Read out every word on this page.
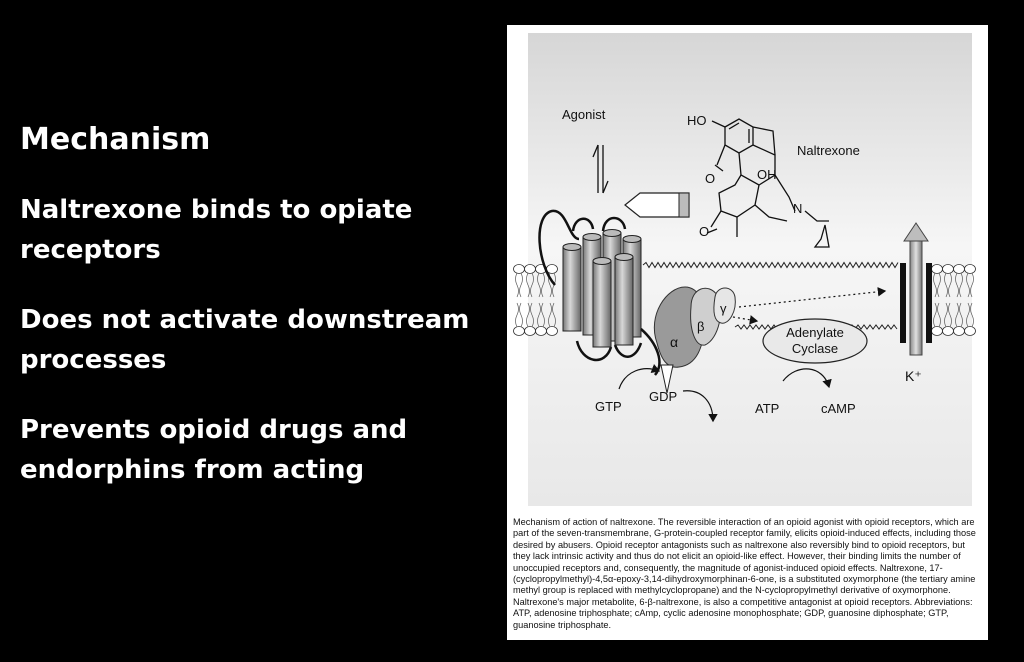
Mechanism

Naltrexone binds to opiate receptors

Does not activate downstream processes

Prevents opioid drugs and endorphins from acting

Agonist	HO
OH
O
O
N
Naltrexone
α
β
γ
Adenylate
Cyclase
K⁺
GTP
GDP
ATP	cAMP
Mechanism of action of naltrexone. The reversible interaction of an opioid agonist with opioid receptors, which are part of the seven-transmembrane, G-protein-coupled receptor family, elicits opioid-induced effects, including those desired by abusers. Opioid receptor antagonists such as naltrexone also reversibly bind to opioid receptors, but they lack intrinsic activity and thus do not elicit an opioid-like effect. However, their binding limits the number of unoccupied receptors and, consequently, the magnitude of agonist-induced opioid effects. Naltrexone, 17-(cyclopropylmethyl)-4,5α-epoxy-3,14-dihydroxymorphinan-6-one, is a substituted oxymorphone (the tertiary amine methyl group is replaced with methylcyclopropane) and the N-cyclopropylmethyl derivative of oxymorphone. Naltrexone's major metabolite, 6-β-naltrexone, is also a competitive antagonist at opioid receptors. Abbreviations: ATP, adenosine triphosphate; cAmp, cyclic adenosine monophosphate; GDP, guanosine diphosphate; GTP, guanosine triphosphate.
